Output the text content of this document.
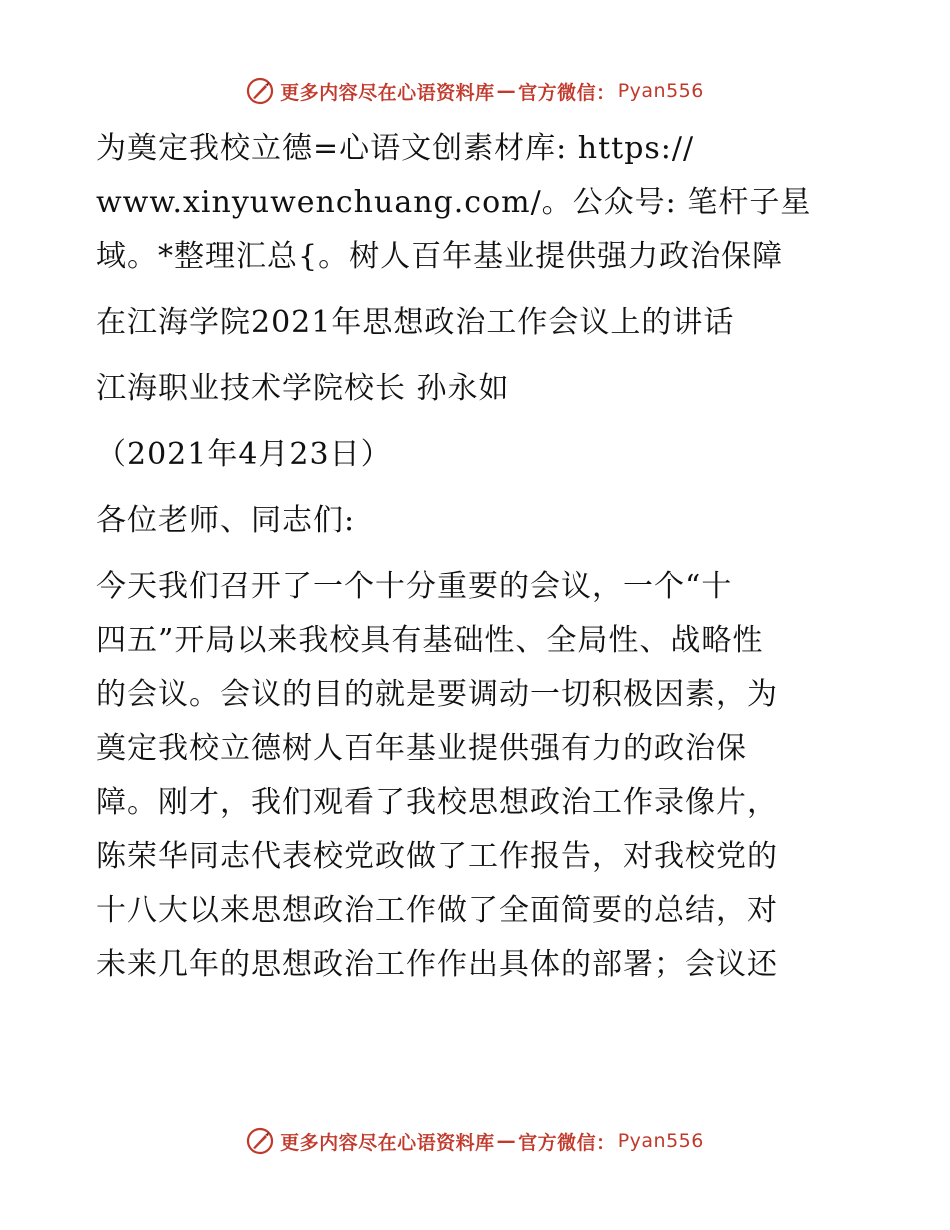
更多内容尽在心语资料库 — 官方微信： Pyan556
为奠定我校立德=心语文创素材库: https://
www.xinyuwenchuang.com/。公众号: 笔杆子星
域。*整理汇总{。树人百年基业提供强力政治保障
在江海学院2021年思想政治工作会议上的讲话
江海职业技术学院校长 孙永如
（2021年4月23日）
各位老师、同志们:
今天我们召开了一个十分重要的会议，一个“十
四五”开局以来我校具有基础性、全局性、战略性
的会议。会议的目的就是要调动一切积极因素，为
奠定我校立德树人百年基业提供强有力的政治保
障。刚才，我们观看了我校思想政治工作录像片，
陈荣华同志代表校党政做了工作报告，对我校党的
十八大以来思想政治工作做了全面简要的总结，对
未来几年的思想政治工作作出具体的部署；会议还
更多内容尽在心语资料库 — 官方微信： Pyan556
